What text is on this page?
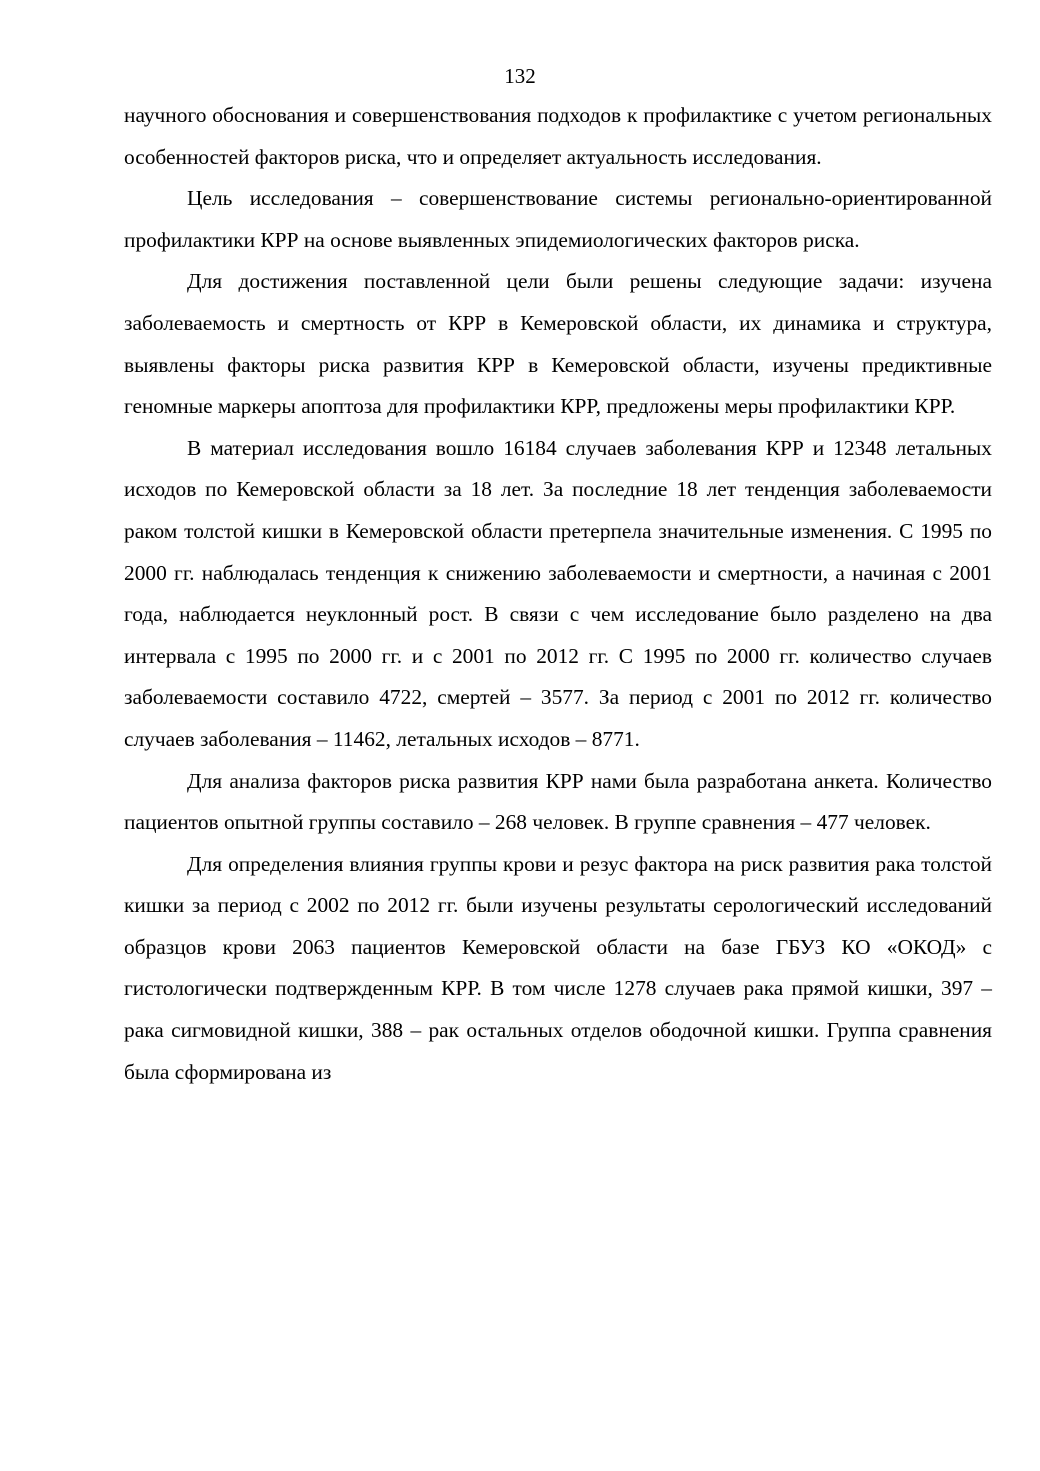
132

научного обоснования и совершенствования подходов к профилактике с учетом региональных особенностей факторов риска, что и определяет актуальность исследования.

Цель исследования – совершенствование системы регионально-ориентированной профилактики КРР на основе выявленных эпидемиологических факторов риска.

Для достижения поставленной цели были решены следующие задачи: изучена заболеваемость и смертность от КРР в Кемеровской области, их динамика и структура, выявлены факторы риска развития КРР в Кемеровской области, изучены предиктивные геномные маркеры апоптоза для профилактики КРР, предложены меры профилактики КРР.

В материал исследования вошло 16184 случаев заболевания КРР и 12348 летальных исходов по Кемеровской области за 18 лет. За последние 18 лет тенденция заболеваемости раком толстой кишки в Кемеровской области претерпела значительные изменения. С 1995 по 2000 гг. наблюдалась тенденция к снижению заболеваемости и смертности, а начиная с 2001 года, наблюдается неуклонный рост. В связи с чем исследование было разделено на два интервала с 1995 по 2000 гг. и с 2001 по 2012 гг. С 1995 по 2000 гг. количество случаев заболеваемости составило 4722, смертей – 3577. За период с 2001 по 2012 гг. количество случаев заболевания – 11462, летальных исходов – 8771.

Для анализа факторов риска развития КРР нами была разработана анкета. Количество пациентов опытной группы составило – 268 человек. В группе сравнения – 477 человек.

Для определения влияния группы крови и резус фактора на риск развития рака толстой кишки за период с 2002 по 2012 гг. были изучены результаты серологический исследований образцов крови 2063 пациентов Кемеровской области на базе ГБУЗ КО «ОКОД» с гистологически подтвержденным КРР. В том числе 1278 случаев рака прямой кишки, 397 – рака сигмовидной кишки, 388 – рак остальных отделов ободочной кишки. Группа сравнения была сформирована из
